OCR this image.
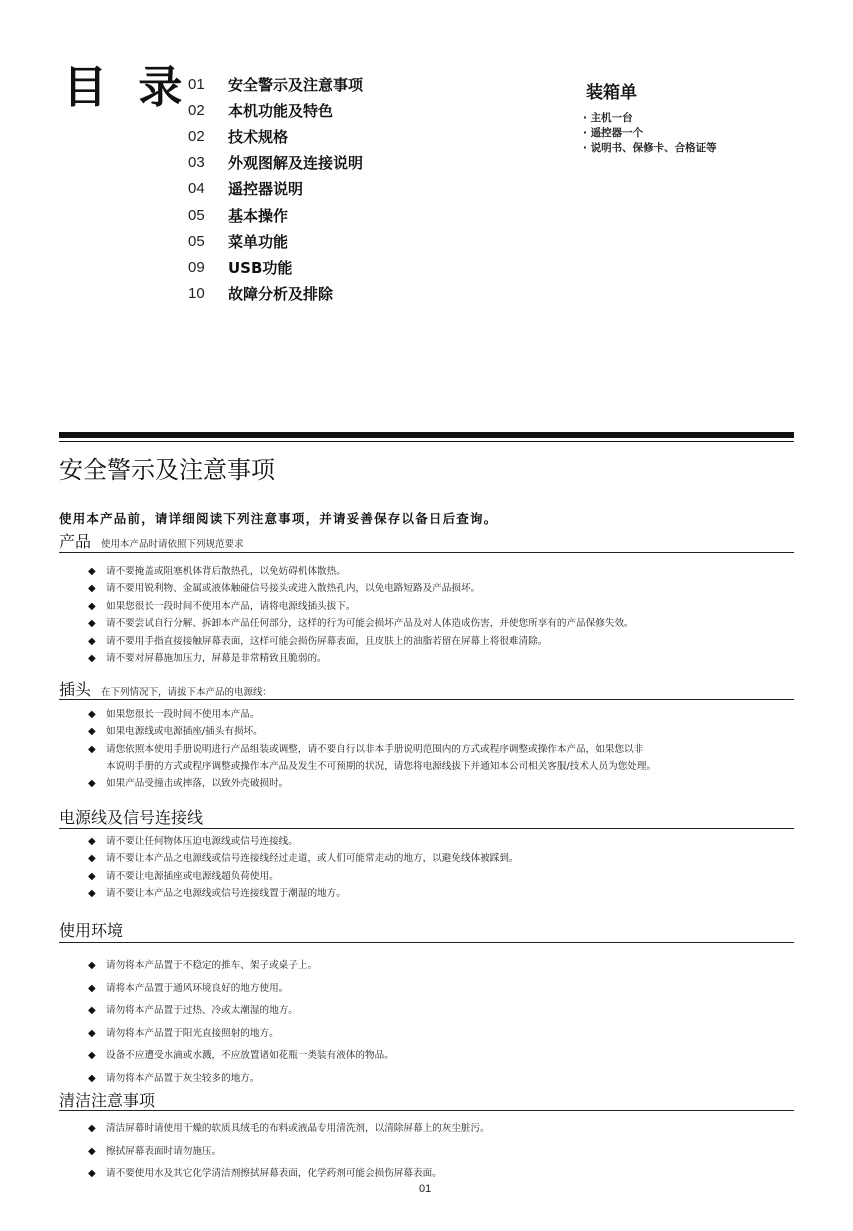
目 录
01	安全警示及注意事项
02	本机功能及特色
02	技术规格
03	外观图解及连接说明
04	遥控器说明
05	基本操作
05	菜单功能
09	USB功能
10	故障分析及排除
装箱单
· 主机一台
· 遥控器一个
· 说明书、保修卡、合格证等
安全警示及注意事项
使用本产品前，请详细阅读下列注意事项，并请妥善保存以备日后查询。
产品 使用本产品时请依照下列规范要求
◆ 请不要掩盖或阻塞机体背后散热孔，以免妨碍机体散热。
◆ 请不要用锐利物、金属或液体触碰信号接头或进入散热孔内，以免电路短路及产品损坏。
◆ 如果您很长一段时间不使用本产品，请将电源线插头拔下。
◆ 请不要尝试自行分解、拆卸本产品任何部分，这样的行为可能会损坏产品及对人体造成伤害，并使您所享有的产品保修失效。
◆ 请不要用手指直接接触屏幕表面，这样可能会损伤屏幕表面，且皮肤上的油脂若留在屏幕上将很难清除。
◆ 请不要对屏幕施加压力，屏幕是非常精致且脆弱的。
插头 在下列情况下，请拔下本产品的电源线：
◆ 如果您很长一段时间不使用本产品。
◆ 如果电源线或电源插座/插头有损坏。
◆ 请您依照本使用手册说明进行产品组装或调整，请不要自行以非本手册说明范围内的方式或程序调整或操作本产品，如果您以非
本说明手册的方式或程序调整或操作本产品及发生不可预期的状况，请您将电源线拔下并通知本公司相关客服/技术人员为您处理。
◆ 如果产品受撞击或摔落，以致外壳破损时。
电源线及信号连接线
◆ 请不要让任何物体压迫电源线或信号连接线。
◆ 请不要让本产品之电源线或信号连接线经过走道，或人们可能常走动的地方，以避免线体被踩到。
◆ 请不要让电源插座或电源线超负荷使用。
◆ 请不要让本产品之电源线或信号连接线置于潮湿的地方。
使用环境
◆ 请勿将本产品置于不稳定的推车、架子或桌子上。
◆ 请将本产品置于通风环境良好的地方使用。
◆ 请勿将本产品置于过热、冷或太潮湿的地方。
◆ 请勿将本产品置于阳光直接照射的地方。
◆ 设备不应遭受水滴或水溅，不应放置诸如花瓶一类装有液体的物品。
◆ 请勿将本产品置于灰尘较多的地方。
清洁注意事项
◆ 清洁屏幕时请使用干燥的软质具绒毛的布料或液晶专用清洗剂，以清除屏幕上的灰尘脏污。
◆ 擦拭屏幕表面时请勿施压。
◆ 请不要使用水及其它化学清洁剂擦拭屏幕表面，化学药剂可能会损伤屏幕表面。
01
